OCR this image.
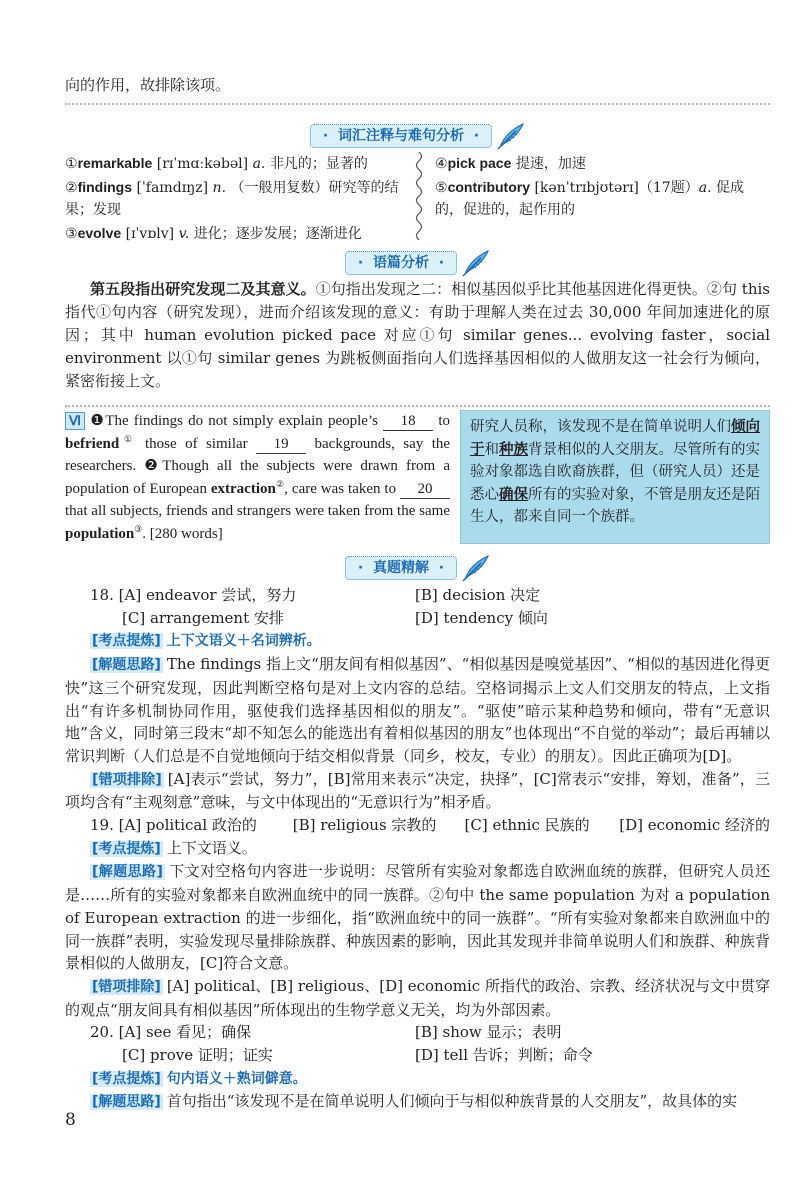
向的作用，故排除该项。
·  词汇注释与难句分析  ·
①remarkable [rɪˈmɑːkəbəl] a. 非凡的；显著的
②findings [ˈfaɪndɪŋz] n. （一般用复数）研究等的结果；发现
③evolve [ɪˈvɒlv] v. 进化；逐步发展；逐渐进化
④pick pace 提速，加速
⑤contributory [kənˈtrɪbjʊtərɪ]（17题）a. 促成的，促进的，起作用的
·  语篇分析  ·
第五段指出研究发现二及其意义。①句指出发现之二：相似基因似乎比其他基因进化得更快。②句 this 指代①句内容（研究发现），进而介绍该发现的意义：有助于理解人类在过去 30,000 年间加速进化的原因；其中 human evolution picked pace 对应①句 similar genes... evolving faster，social environment 以①句 similar genes 为跳板侧面指向人们选择基因相似的人做朋友这一社会行为倾向，紧密衔接上文。
Ⅵ ❶The findings do not simply explain people’s 18 to befriend① those of similar 19 backgrounds, say the researchers. ❷Though all the subjects were drawn from a population of European extraction②, care was taken to 20 that all subjects, friends and strangers were taken from the same population③. [280 words]
研究人员称，该发现不是在简单说明人们倾向于和种族背景相似的人交朋友。尽管所有的实验对象都选自欧裔族群，但（研究人员）还是悉心确保所有的实验对象，不管是朋友还是陌生人，都来自同一个族群。
·  真题精解  ·
18. [A] endeavor 尝试，努力	[B] decision 决定
[C] arrangement 安排	[D] tendency 倾向
[考点提炼] 上下文语义＋名词辨析。
[解题思路] The findings 指上文“朋友间有相似基因”、“相似基因是嗅觉基因”、“相似的基因进化得更快”这三个研究发现，因此判断空格句是对上文内容的总结。空格词揭示上文人们交朋友的特点，上文指出“有许多机制协同作用，驱使我们选择基因相似的朋友”。“驱使”暗示某种趋势和倾向，带有“无意识地”含义，同时第三段末“却不知怎么的能选出有着相似基因的朋友”也体现出“不自觉的举动”；最后再辅以常识判断（人们总是不自觉地倾向于结交相似背景（同乡，校友，专业）的朋友）。因此正确项为[D]。
[错项排除] [A]表示“尝试，努力”，[B]常用来表示“决定，抉择”，[C]常表示“安排，筹划，准备”，三项均含有“主观刻意”意味，与文中体现出的“无意识行为”相矛盾。
19. [A] political 政治的	[B] religious 宗教的	[C] ethnic 民族的	[D] economic 经济的
[考点提炼] 上下文语义。
[解题思路] 下文对空格句内容进一步说明：尽管所有实验对象都选自欧洲血统的族群，但研究人员还是……所有的实验对象都来自欧洲血统中的同一族群。②句中 the same population 为对 a population of European extraction 的进一步细化，指“欧洲血统中的同一族群”。“所有实验对象都来自欧洲血中的同一族群”表明，实验发现尽量排除族群、种族因素的影响，因此其发现并非简单说明人们和族群、种族背景相似的人做朋友，[C]符合文意。
[错项排除] [A] political、[B] religious、[D] economic 所指代的政治、宗教、经济状况与文中贯穿的观点“朋友间具有相似基因”所体现出的生物学意义无关，均为外部因素。
20. [A] see 看见；确保	[B] show 显示；表明
[C] prove 证明；证实	[D] tell 告诉；判断；命令
[考点提炼] 句内语义＋熟词僻意。
[解题思路] 首句指出“该发现不是在简单说明人们倾向于与相似种族背景的人交朋友”，故具体的实
8
